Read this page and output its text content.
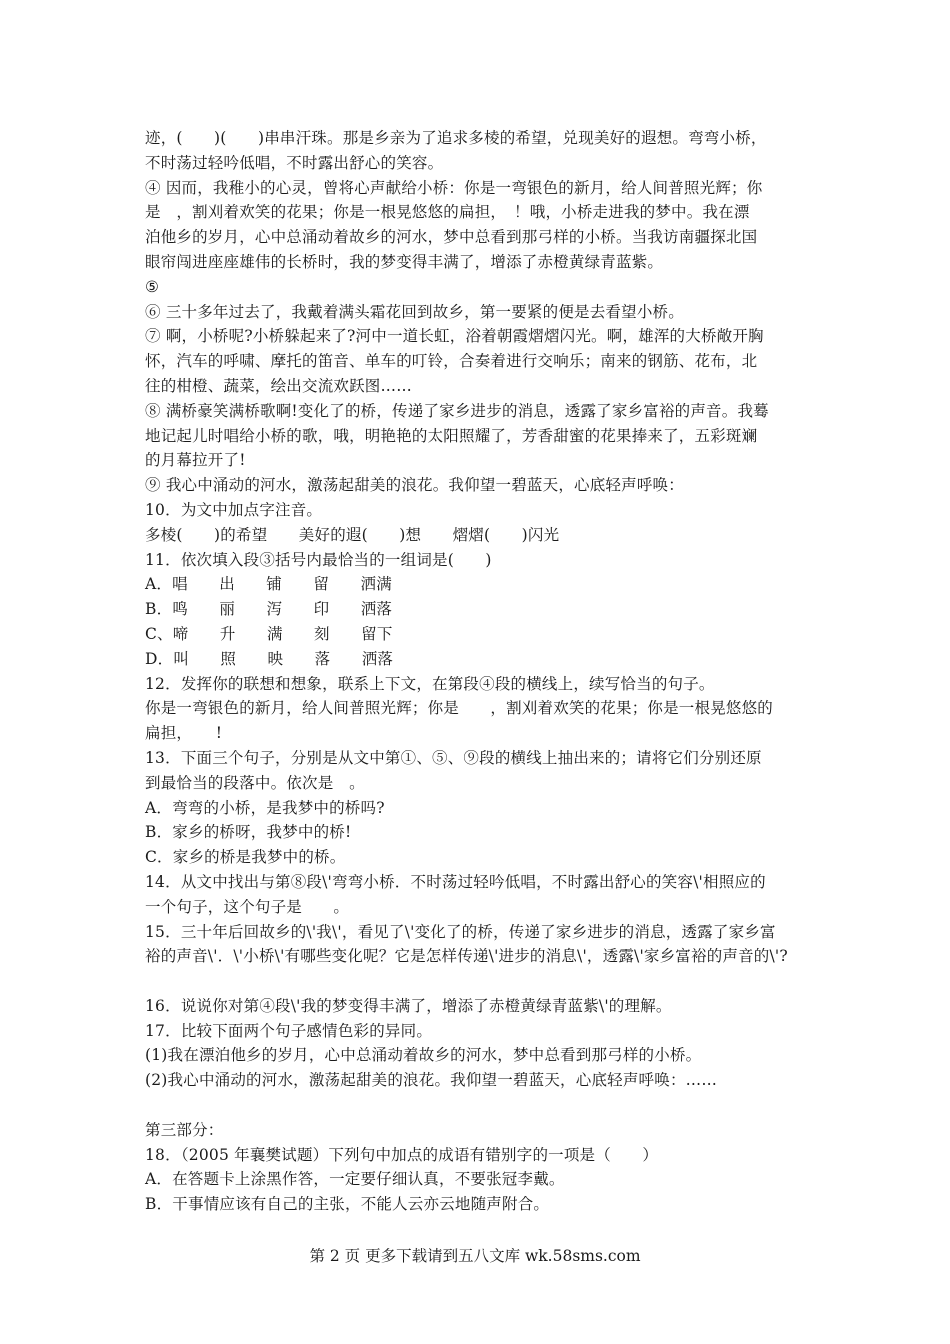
迹，(　　)(　　)串串汗珠。那是乡亲为了追求多棱的希望，兑现美好的遐想。弯弯小桥，
不时荡过轻吟低唱，不时露出舒心的笑容。
④ 因而，我稚小的心灵，曾将心声献给小桥：你是一弯银色的新月，给人间普照光辉；你
是　，割刈着欢笑的花果；你是一根晃悠悠的扁担，　！哦，小桥走进我的梦中。我在漂
泊他乡的岁月，心中总涌动着故乡的河水，梦中总看到那弓样的小桥。当我访南疆探北国
眼帘闯进座座雄伟的长桥时，我的梦变得丰满了，增添了赤橙黄绿青蓝紫。
⑤
⑥ 三十多年过去了，我戴着满头霜花回到故乡，第一要紧的便是去看望小桥。
⑦ 啊，小桥呢?小桥躲起来了?河中一道长虹，浴着朝霞熠熠闪光。啊，雄浑的大桥敞开胸
怀，汽车的呼啸、摩托的笛音、单车的叮铃，合奏着进行交响乐；南来的钢筋、花布，北
往的柑橙、蔬菜，绘出交流欢跃图……
⑧ 满桥豪笑满桥歌啊!变化了的桥，传递了家乡进步的消息，透露了家乡富裕的声音。我蓦
地记起儿时唱给小桥的歌，哦，明艳艳的太阳照耀了，芳香甜蜜的花果捧来了，五彩斑斓
的月幕拉开了!
⑨ 我心中涌动的河水，激荡起甜美的浪花。我仰望一碧蓝天，心底轻声呼唤：
10．为文中加点字注音。
多棱(　　)的希望　　美好的遐(　　)想　　熠熠(　　)闪光
11．依次填入段③括号内最恰当的一组词是(　　)
A．唱　　出　　铺　　留　　洒满
B．鸣　　丽　　泻　　印　　洒落
C、啼　　升　　满　　刻　　留下
D．叫　　照　　映　　落　　洒落
12．发挥你的联想和想象，联系上下文，在第段④段的横线上，续写恰当的句子。
你是一弯银色的新月，给人间普照光辉；你是　　，割刈着欢笑的花果；你是一根晃悠悠的
扁担，　　!
13．下面三个句子，分别是从文中第①、⑤、⑨段的横线上抽出来的；请将它们分别还原
到最恰当的段落中。依次是　。
A．弯弯的小桥，是我梦中的桥吗?
B．家乡的桥呀，我梦中的桥!
C．家乡的桥是我梦中的桥。
14．从文中找出与第⑧段\'弯弯小桥．不时荡过轻吟低唱，不时露出舒心的笑容\'相照应的
一个句子，这个句子是　　。
15．三十年后回故乡的\'我\'，看见了\'变化了的桥，传递了家乡进步的消息，透露了家乡富
裕的声音\'．\'小桥\'有哪些变化呢？它是怎样传递\'进步的消息\'，透露\'家乡富裕的声音的\'?
16．说说你对第④段\'我的梦变得丰满了，增添了赤橙黄绿青蓝紫\'的理解。
17．比较下面两个句子感情色彩的异同。
(1)我在漂泊他乡的岁月，心中总涌动着故乡的河水，梦中总看到那弓样的小桥。
(2)我心中涌动的河水，激荡起甜美的浪花。我仰望一碧蓝天，心底轻声呼唤：……
第三部分：
18．（2005 年襄樊试题）下列句中加点的成语有错别字的一项是（　　）
A．在答题卡上涂黑作答，一定要仔细认真，不要张冠李戴。
B．干事情应该有自己的主张，不能人云亦云地随声附合。
第 2 页 更多下载请到五八文库 wk.58sms.com
